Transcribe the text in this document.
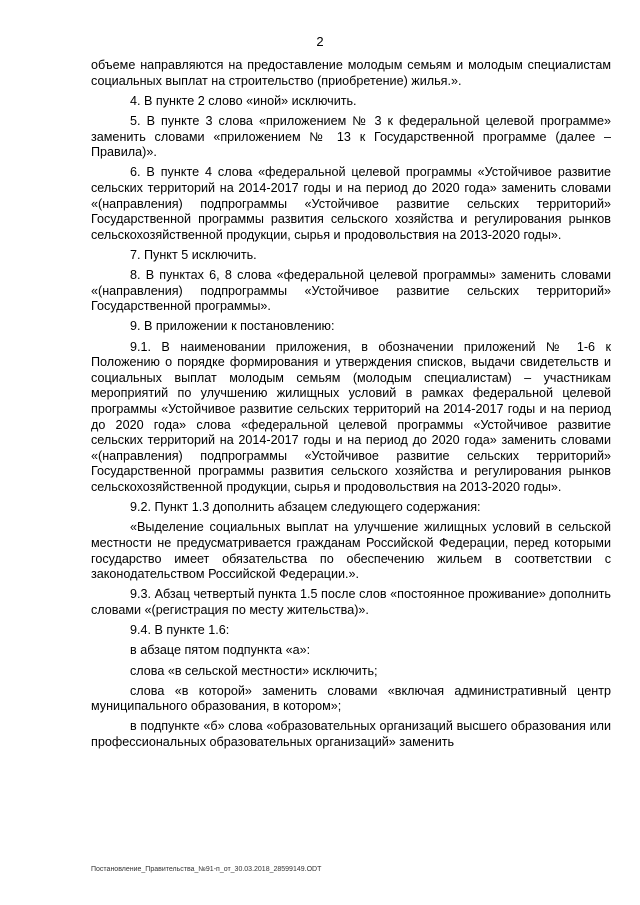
2

объеме направляются на предоставление молодым семьям и молодым специалистам социальных выплат на строительство (приобретение) жилья.».

4. В пункте 2 слово «иной» исключить.

5. В пункте 3 слова «приложением № 3 к федеральной целевой программе» заменить словами «приложением № 13 к Государственной программе (далее – Правила)».

6. В пункте 4 слова «федеральной целевой программы «Устойчивое развитие сельских территорий на 2014-2017 годы и на период до 2020 года» заменить словами «(направления) подпрограммы «Устойчивое развитие сельских территорий» Государственной программы развития сельского хозяйства и регулирования рынков сельскохозяйственной продукции, сырья и продовольствия на 2013-2020 годы».

7. Пункт 5 исключить.

8. В пунктах 6, 8 слова «федеральной целевой программы» заменить словами «(направления) подпрограммы «Устойчивое развитие сельских территорий» Государственной программы».

9. В приложении к постановлению:

9.1. В наименовании приложения, в обозначении приложений № 1-6 к Положению о порядке формирования и утверждения списков, выдачи свидетельств и социальных выплат молодым семьям (молодым специалистам) – участникам мероприятий по улучшению жилищных условий в рамках федеральной целевой программы «Устойчивое развитие сельских территорий на 2014-2017 годы и на период до 2020 года» слова «федеральной целевой программы «Устойчивое развитие сельских территорий на 2014-2017 годы и на период до 2020 года» заменить словами «(направления) подпрограммы «Устойчивое развитие сельских территорий» Государственной программы развития сельского хозяйства и регулирования рынков сельскохозяйственной продукции, сырья и продовольствия на 2013-2020 годы».

9.2. Пункт 1.3 дополнить абзацем следующего содержания:

«Выделение социальных выплат на улучшение жилищных условий в сельской местности не предусматривается гражданам Российской Федерации, перед которыми государство имеет обязательства по обеспечению жильем в соответствии с законодательством Российской Федерации.».

9.3. Абзац четвертый пункта 1.5 после слов «постоянное проживание» дополнить словами «(регистрация по месту жительства)».

9.4. В пункте 1.6:

в абзаце пятом подпункта «а»:

слова «в сельской местности» исключить;

слова «в которой» заменить словами «включая административный центр муниципального образования, в котором»;

в подпункте «б» слова «образовательных организаций высшего образования или профессиональных образовательных организаций» заменить

Постановление_Правительства_№91-п_от_30.03.2018_28599149.ODT
